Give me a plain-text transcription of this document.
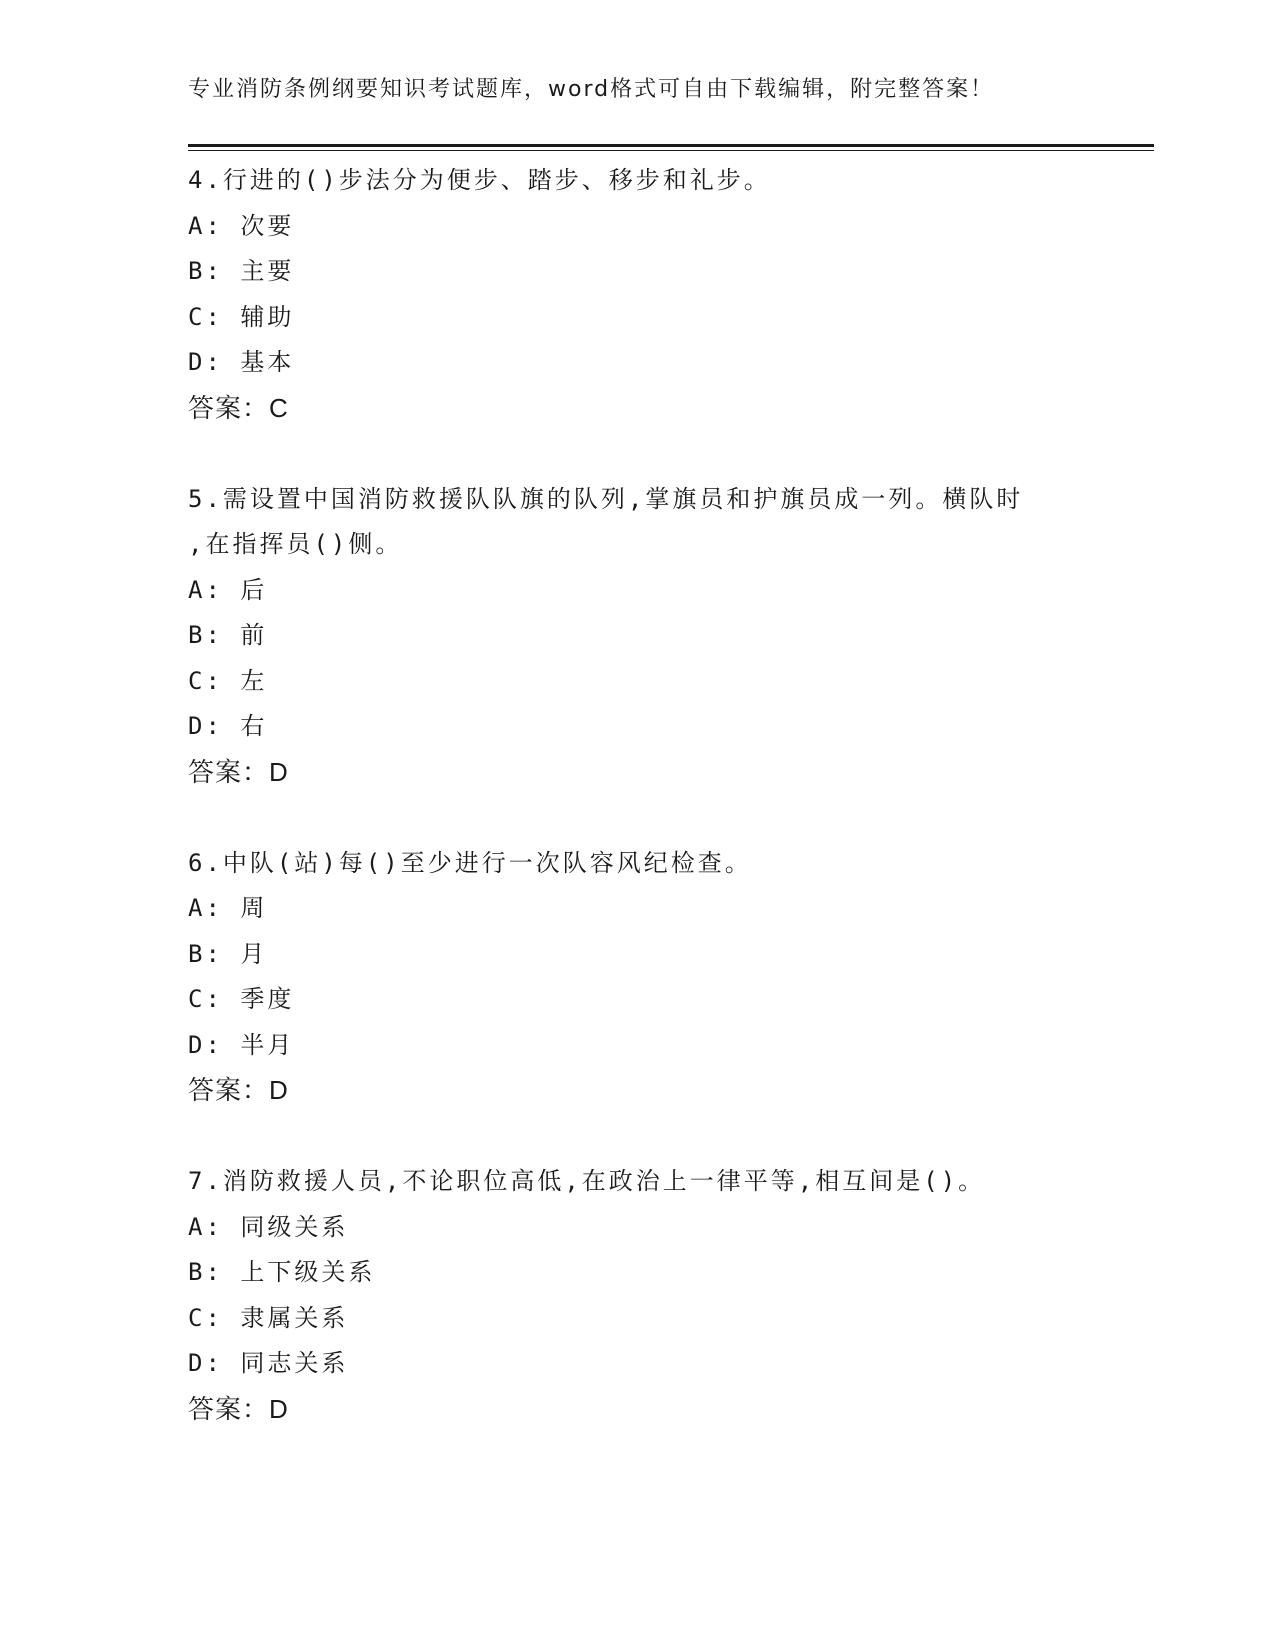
专业消防条例纲要知识考试题库，word格式可自由下载编辑，附完整答案！
4.行进的()步法分为便步、踏步、移步和礼步。
A: 次要
B: 主要
C: 辅助
D: 基本
答案：C
5.需设置中国消防救援队队旗的队列,掌旗员和护旗员成一列。横队时
,在指挥员()侧。
A: 后
B: 前
C: 左
D: 右
答案：D
6.中队(站)每()至少进行一次队容风纪检查。
A: 周
B: 月
C: 季度
D: 半月
答案：D
7.消防救援人员,不论职位高低,在政治上一律平等,相互间是()。
A: 同级关系
B: 上下级关系
C: 隶属关系
D: 同志关系
答案：D
